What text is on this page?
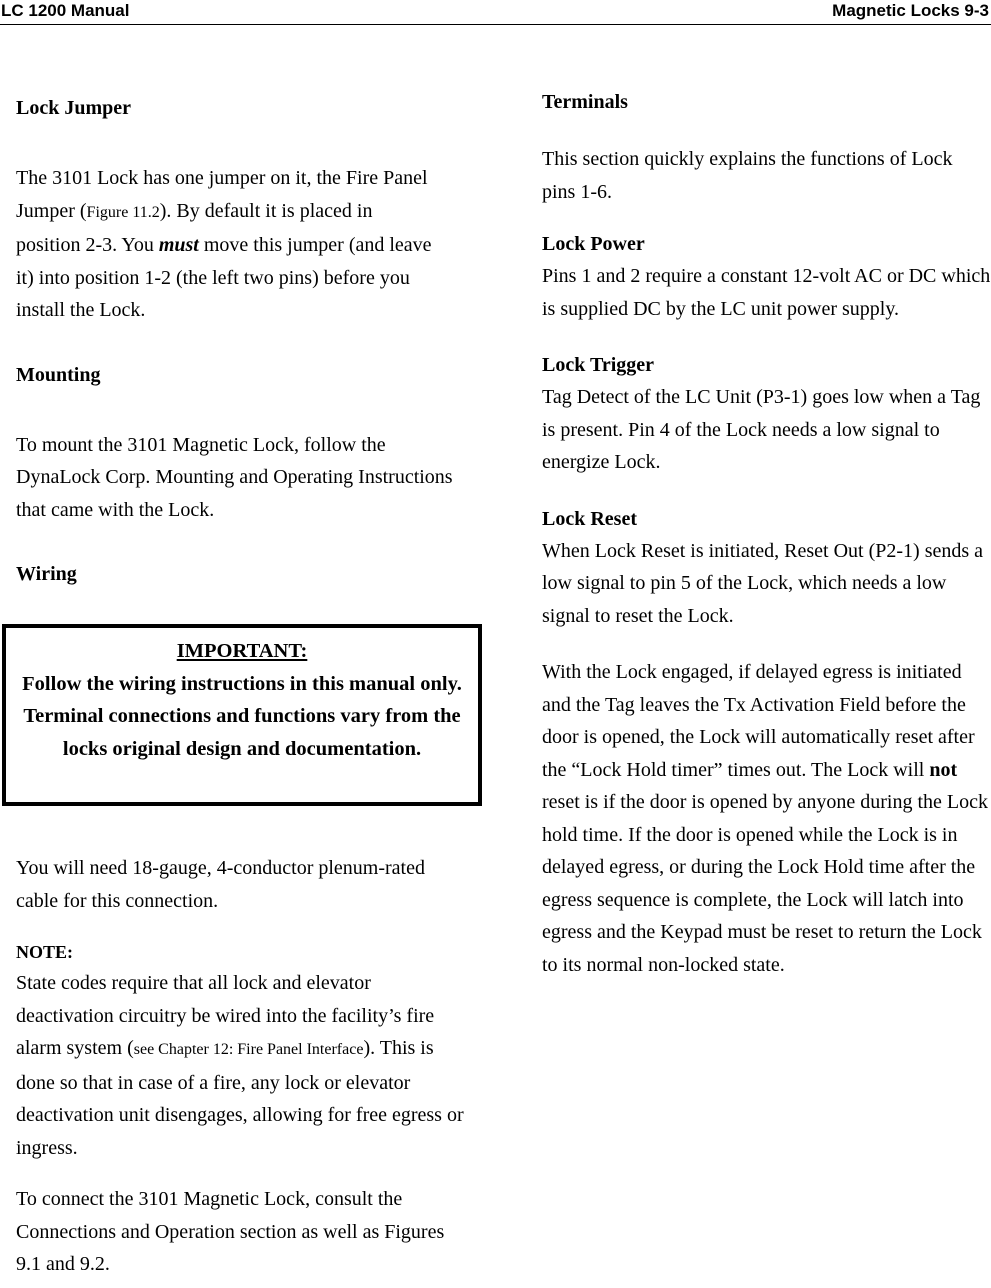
LC 1200 Manual	Magnetic Locks 9-3
Lock Jumper

The 3101 Lock has one jumper on it, the Fire Panel Jumper (Figure 11.2). By default it is placed in position 2-3. You must move this jumper (and leave it) into position 1-2 (the left two pins) before you install the Lock.

Mounting

To mount the 3101 Magnetic Lock, follow the DynaLock Corp. Mounting and Operating Instructions that came with the Lock.

Wiring
IMPORTANT:
Follow the wiring instructions in this manual only. Terminal connections and functions vary from the locks original design and documentation.

You will need 18-gauge, 4-conductor plenum-rated cable for this connection.

NOTE:

State codes require that all lock and elevator deactivation circuitry be wired into the facility’s fire alarm system (see Chapter 12: Fire Panel Interface). This is done so that in case of a fire, any lock or elevator deactivation unit disengages, allowing for free egress or ingress.

To connect the 3101 Magnetic Lock, consult the Connections and Operation section as well as Figures 9.1 and 9.2.

Terminals

This section quickly explains the functions of Lock pins 1-6.

Lock Power

Pins 1 and 2 require a constant 12-volt AC or DC which is supplied DC by the LC unit power supply.

Lock Trigger

Tag Detect of the LC Unit (P3-1) goes low when a Tag is present. Pin 4 of the Lock needs a low signal to energize Lock.

Lock Reset

When Lock Reset is initiated, Reset Out (P2-1) sends a low signal to pin 5 of the Lock, which needs a low signal to reset the Lock.

With the Lock engaged, if delayed egress is initiated and the Tag leaves the Tx Activation Field before the door is opened, the Lock will automatically reset after the “Lock Hold timer” times out. The Lock will not reset is if the door is opened by anyone during the Lock hold time. If the door is opened while the Lock is in delayed egress, or during the Lock Hold time after the egress sequence is complete, the Lock will latch into egress and the Keypad must be reset to return the Lock to its normal non-locked state.
